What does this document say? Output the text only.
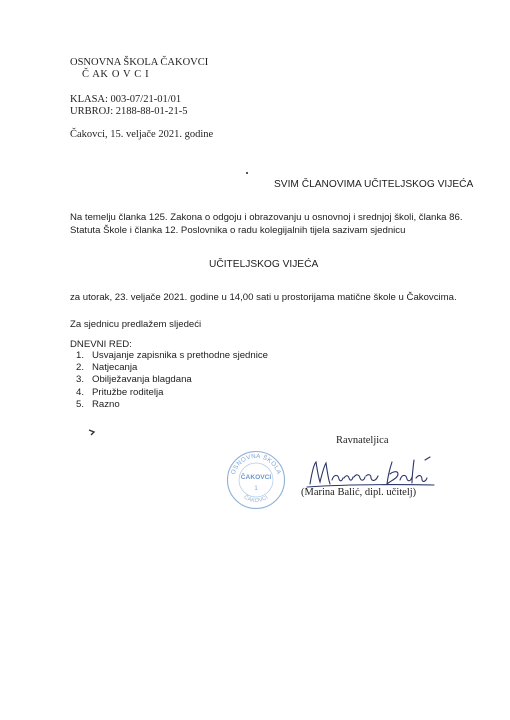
OSNOVNA ŠKOLA ČAKOVCI
Č AK O V C I
KLASA: 003-07/21-01/01
URBROJ: 2188-88-01-21-5
Čakovci, 15. veljače 2021. godine
SVIM ČLANOVIMA UČITELJSKOG VIJEĆA
Na temelju članka 125. Zakona o odgoju i obrazovanju u osnovnoj i srednjoj školi, članka 86.
Statuta Škole i članka 12. Poslovnika o radu kolegijalnih tijela sazivam sjednicu
UČITELJSKOG VIJEĆA
za utorak, 23. veljače 2021. godine u 14,00 sati u prostorijama matične škole u Čakovcima.
Za sjednicu predlažem sljedeći
DNEVNI RED:
1. Usvajanje zapisnika s prethodne sjednice
2. Natjecanja
3. Obilježavanja blagdana
4. Pritužbe roditelja
5. Razno
Ravnateljica
OSNOVNA ŠKOLA
ČAKOVCI
1
ČAKOVCI	(Marina Balić, dipl. učitelj)
